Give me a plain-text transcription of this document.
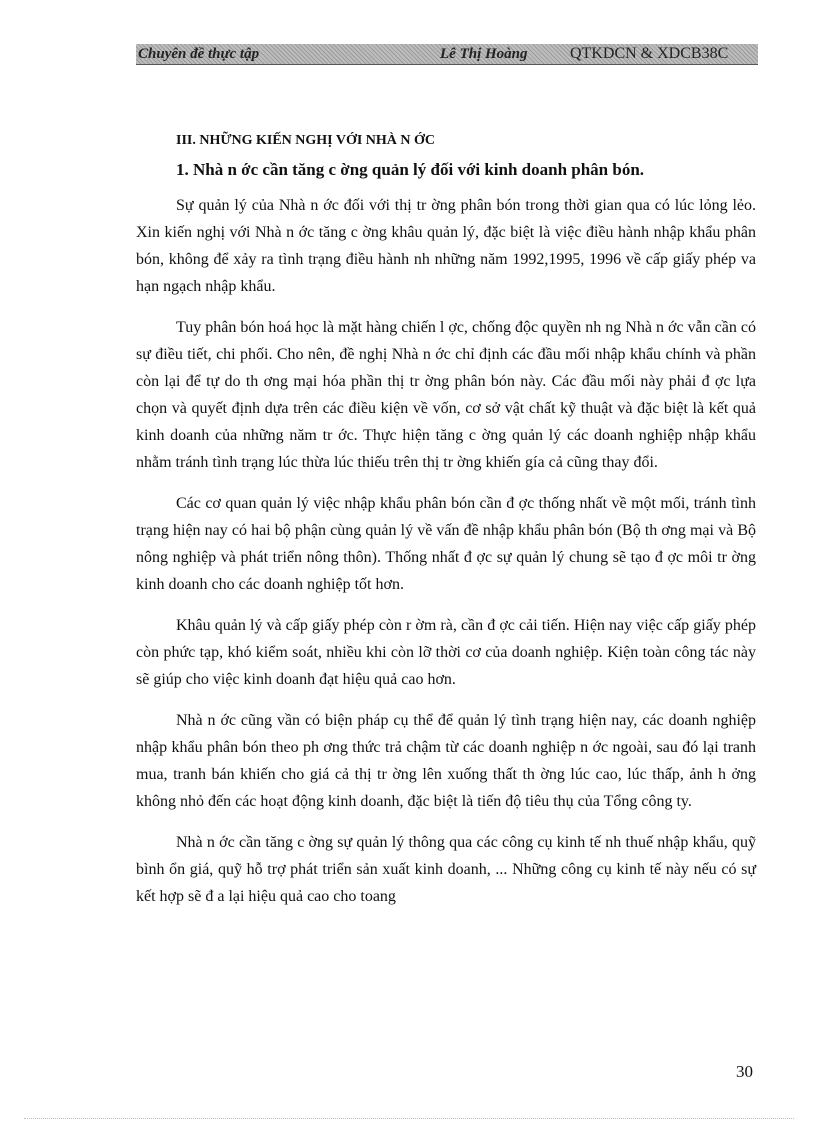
Chuyên đề thực tập	Lê Thị Hoàng	QTKDCN & XDCB38C
III. NHỮNG KIẾN NGHỊ VỚI NHÀ N ỚC
1. Nhà n ớc cần tăng c ờng quản lý đối với kinh doanh phân bón.

Sự quản lý của Nhà n ớc đối với thị tr ờng phân bón trong thời gian qua có lúc lỏng lẻo. Xin kiến nghị với Nhà n ớc tăng c ờng khâu quản lý, đặc biệt là việc điều hành nhập khẩu phân bón, không để xảy ra tình trạng điều hành nh những năm 1992,1995, 1996 về cấp giấy phép va hạn ngạch nhập khẩu.

Tuy phân bón hoá học là mặt hàng chiến l ợc, chống độc quyền nh ng Nhà n ớc vẫn cần có sự điều tiết, chi phối. Cho nên, đề nghị Nhà n ớc chỉ định các đầu mối nhập khẩu chính và phần còn lại để tự do th ơng mại hóa phần thị tr ờng phân bón này. Các đầu mối này phải đ ợc lựa chọn và quyết định dựa trên các điều kiện về vốn, cơ sở vật chất kỹ thuật và đặc biệt là kết quả kinh doanh của những năm tr ớc. Thực hiện tăng c ờng quản lý các doanh nghiệp nhập khẩu nhằm tránh tình trạng lúc thừa lúc thiếu trên thị tr ờng khiến gía cả cũng thay đổi.

Các cơ quan quản lý việc nhập khẩu phân bón cần đ ợc thống nhất về một mối, tránh tình trạng hiện nay có hai bộ phận cùng quản lý về vấn đề nhập khẩu phân bón (Bộ th ơng mại và Bộ nông nghiệp và phát triển nông thôn). Thống nhất đ ợc sự quản lý chung sẽ tạo đ ợc môi tr ờng kinh doanh cho các doanh nghiệp tốt hơn.

Khâu quản lý và cấp giấy phép còn r ờm rà, cần đ ợc cải tiến. Hiện nay việc cấp giấy phép còn phức tạp, khó kiểm soát, nhiều khi còn lỡ thời cơ của doanh nghiệp. Kiện toàn công tác này sẽ giúp cho việc kinh doanh đạt hiệu quả cao hơn.

Nhà n ớc cũng vần có biện pháp cụ thể để quản lý tình trạng hiện nay, các doanh nghiệp nhập khẩu phân bón theo ph ơng thức trả chậm từ các doanh nghiệp n ớc ngoài, sau đó lại tranh mua, tranh bán khiến cho giá cả thị tr ờng lên xuống thất th ờng lúc cao, lúc thấp, ảnh h ởng không nhỏ đến các hoạt động kinh doanh, đặc biệt là tiến độ tiêu thụ của Tổng công ty.

Nhà n ớc cần tăng c ờng sự quản lý thông qua các công cụ kinh tế nh thuế nhập khẩu, quỹ bình ổn giá, quỹ hỗ trợ phát triển sản xuất kinh doanh, ... Những công cụ kinh tế này nếu có sự kết hợp sẽ đ a lại hiệu quả cao cho toang

30
